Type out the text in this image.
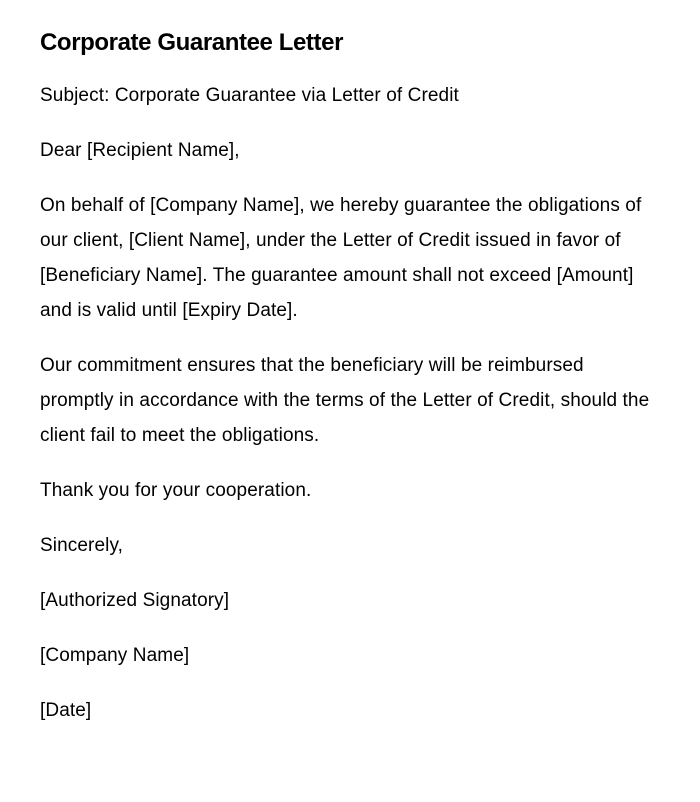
Corporate Guarantee Letter

Subject: Corporate Guarantee via Letter of Credit

Dear [Recipient Name],

On behalf of [Company Name], we hereby guarantee the obligations of our client, [Client Name], under the Letter of Credit issued in favor of [Beneficiary Name]. The guarantee amount shall not exceed [Amount] and is valid until [Expiry Date].

Our commitment ensures that the beneficiary will be reimbursed promptly in accordance with the terms of the Letter of Credit, should the client fail to meet the obligations.

Thank you for your cooperation.

Sincerely,

[Authorized Signatory]

[Company Name]

[Date]
